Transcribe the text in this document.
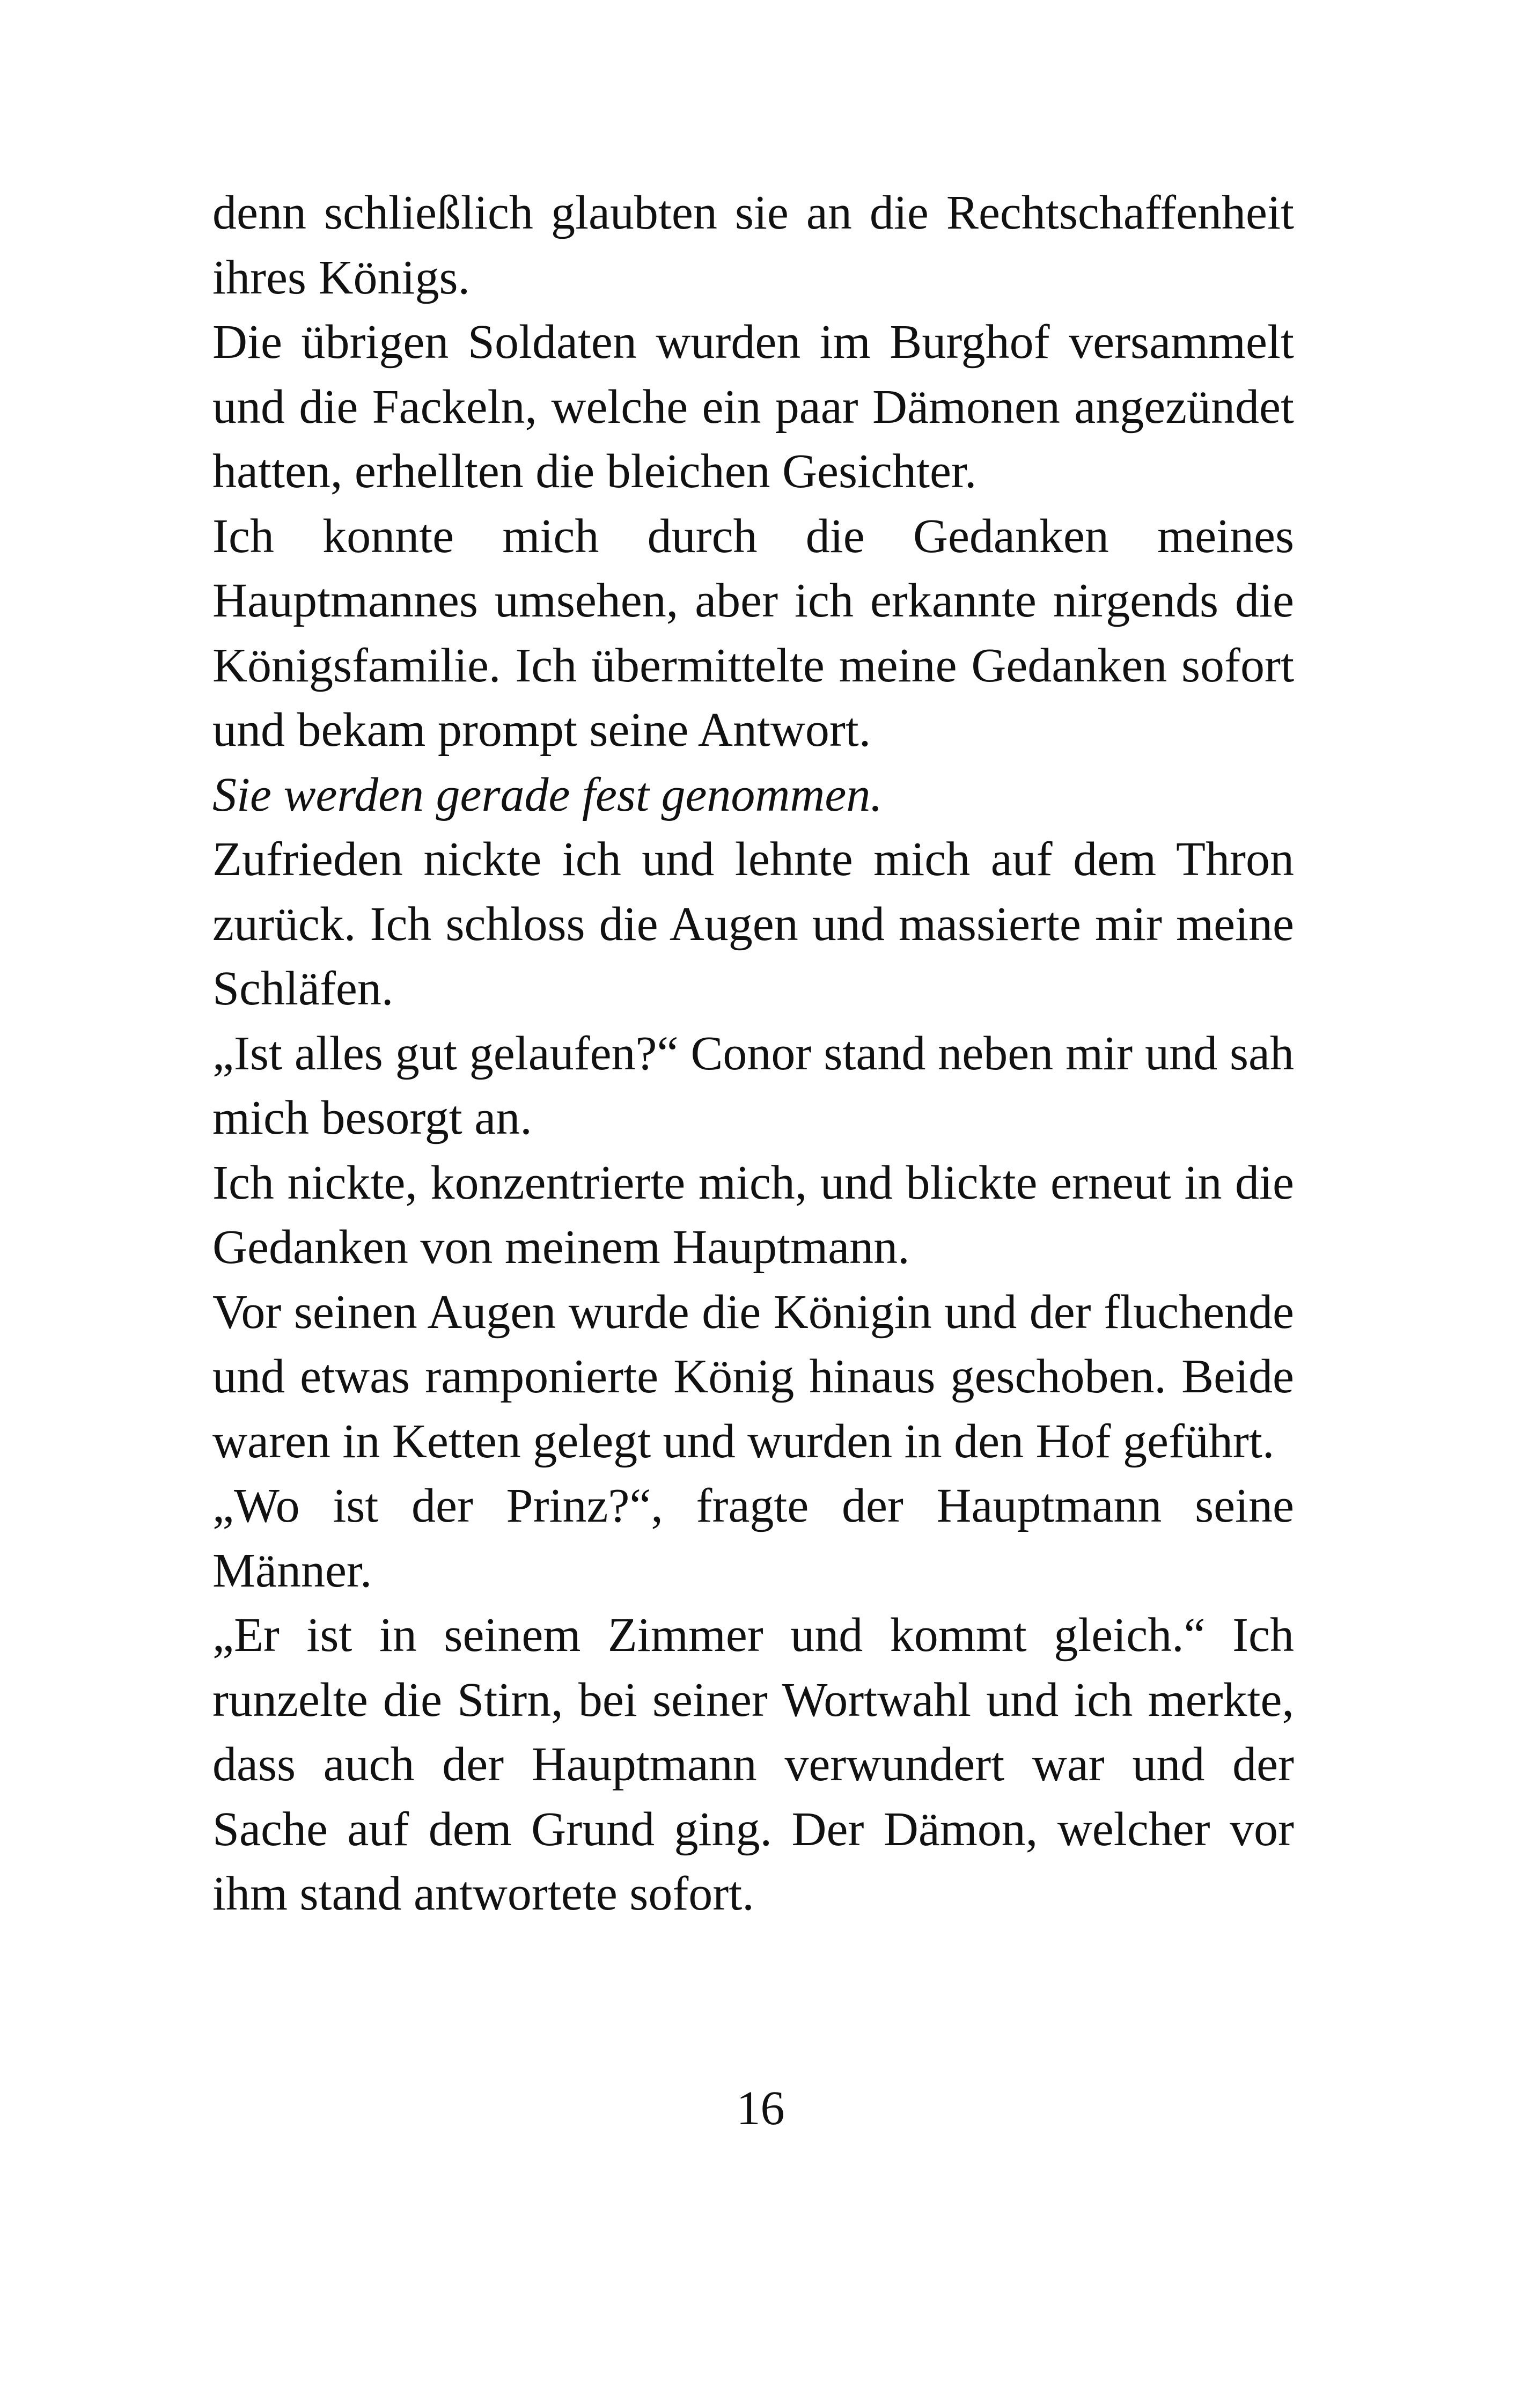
denn schließlich glaubten sie an die Rechtschaffenheit ihres Königs.

Die übrigen Soldaten wurden im Burghof versammelt und die Fackeln, welche ein paar Dämonen angezündet hatten, erhellten die bleichen Gesichter.

Ich konnte mich durch die Gedanken meines Hauptmannes umsehen, aber ich erkannte nirgends die Königsfamilie. Ich übermittelte meine Gedanken sofort und bekam prompt seine Antwort.

Sie werden gerade fest genommen.

Zufrieden nickte ich und lehnte mich auf dem Thron zurück. Ich schloss die Augen und massierte mir meine Schläfen.

„Ist alles gut gelaufen?“ Conor stand neben mir und sah mich besorgt an.

Ich nickte, konzentrierte mich, und blickte erneut in die Gedanken von meinem Hauptmann.

Vor seinen Augen wurde die Königin und der fluchende und etwas ramponierte König hinaus geschoben. Beide waren in Ketten gelegt und wurden in den Hof geführt.

„Wo ist der Prinz?“, fragte der Hauptmann seine Männer.

„Er ist in seinem Zimmer und kommt gleich.“ Ich runzelte die Stirn, bei seiner Wortwahl und ich merkte, dass auch der Hauptmann verwundert war und der Sache auf dem Grund ging. Der Dämon, welcher vor ihm stand antwortete sofort.

16
